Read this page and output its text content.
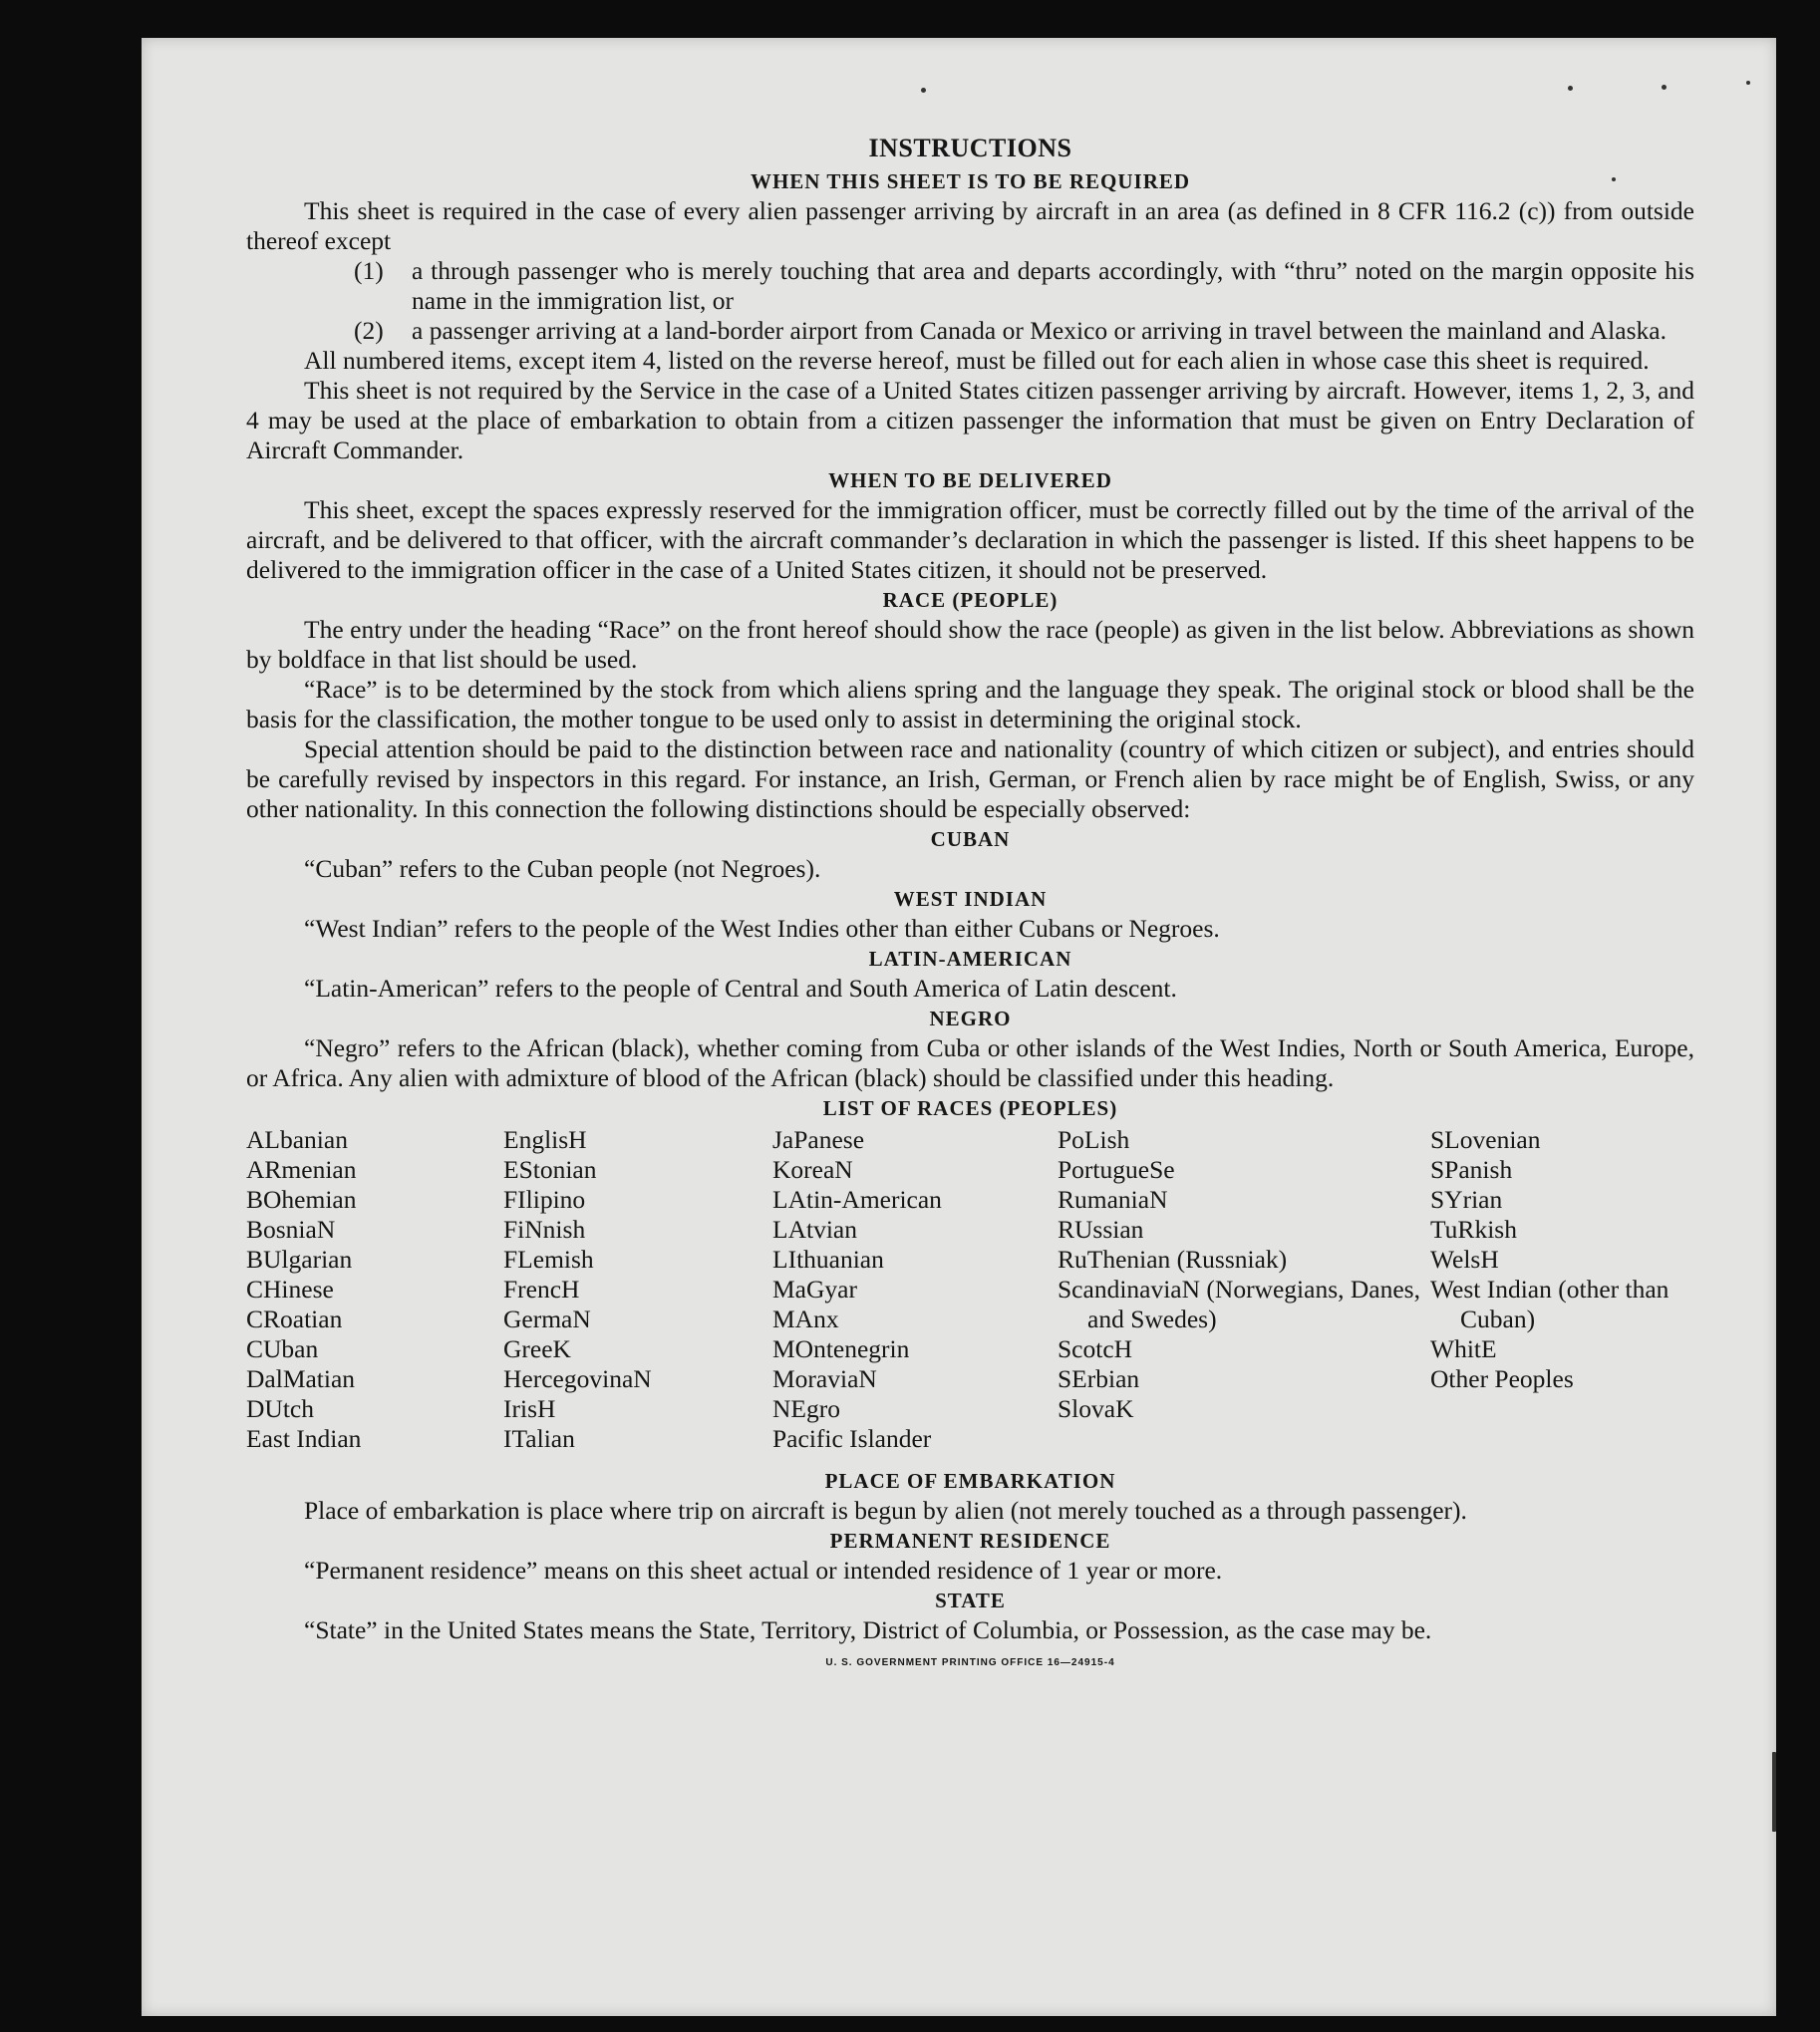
INSTRUCTIONS
WHEN THIS SHEET IS TO BE REQUIRED

This sheet is required in the case of every alien passenger arriving by aircraft in an area (as defined in 8 CFR 116.2 (c)) from outside thereof except

(1)	a through passenger who is merely touching that area and departs accordingly, with “thru” noted on the margin opposite his name in the immigration list, or
(2)	a passenger arriving at a land-border airport from Canada or Mexico or arriving in travel between the mainland and Alaska.

All numbered items, except item 4, listed on the reverse hereof, must be filled out for each alien in whose case this sheet is required.

This sheet is not required by the Service in the case of a United States citizen passenger arriving by aircraft. However, items 1, 2, 3, and 4 may be used at the place of embarkation to obtain from a citizen passenger the information that must be given on Entry Declaration of Aircraft Commander.

WHEN TO BE DELIVERED

This sheet, except the spaces expressly reserved for the immigration officer, must be correctly filled out by the time of the arrival of the aircraft, and be delivered to that officer, with the aircraft commander’s declaration in which the passenger is listed. If this sheet happens to be delivered to the immigration officer in the case of a United States citizen, it should not be preserved.

RACE (PEOPLE)

The entry under the heading “Race” on the front hereof should show the race (people) as given in the list below. Abbreviations as shown by boldface in that list should be used.

“Race” is to be determined by the stock from which aliens spring and the language they speak. The original stock or blood shall be the basis for the classification, the mother tongue to be used only to assist in determining the original stock.

Special attention should be paid to the distinction between race and nationality (country of which citizen or subject), and entries should be carefully revised by inspectors in this regard. For instance, an Irish, German, or French alien by race might be of English, Swiss, or any other nationality. In this connection the following distinctions should be especially observed:

CUBAN

“Cuban” refers to the Cuban people (not Negroes).

WEST INDIAN

“West Indian” refers to the people of the West Indies other than either Cubans or Negroes.

LATIN-AMERICAN

“Latin-American” refers to the people of Central and South America of Latin descent.

NEGRO

“Negro” refers to the African (black), whether coming from Cuba or other islands of the West Indies, North or South America, Europe, or Africa. Any alien with admixture of blood of the African (black) should be classified under this heading.

LIST OF RACES (PEOPLES)
ALbanian
ARmenian
BOhemian
BosniaN
BUlgarian
CHinese
CRoatian
CUban
DalMatian
DUtch
East Indian
EnglisH
EStonian
FIlipino
FiNnish
FLemish
FrencH
GermaN
GreeK
HercegovinaN
IrisH
ITalian
JaPanese
KoreaN
LAtin-American
LAtvian
LIthuanian
MaGyar
MAnx
MOntenegrin
MoraviaN
NEgro
Pacific Islander
PoLish
PortugueSe
RumaniaN
RUssian
RuThenian (Russniak)
ScandinaviaN (Norwegians, Danes, and Swedes)
ScotcH
SErbian
SlovaK
SLovenian
SPanish
SYrian
TuRkish
WelsH
West Indian (other than Cuban)
WhitE
Other Peoples
PLACE OF EMBARKATION

Place of embarkation is place where trip on aircraft is begun by alien (not merely touched as a through passenger).

PERMANENT RESIDENCE

“Permanent residence” means on this sheet actual or intended residence of 1 year or more.

STATE

“State” in the United States means the State, Territory, District of Columbia, or Possession, as the case may be.

U. S. GOVERNMENT PRINTING OFFICE 16—24915-4
